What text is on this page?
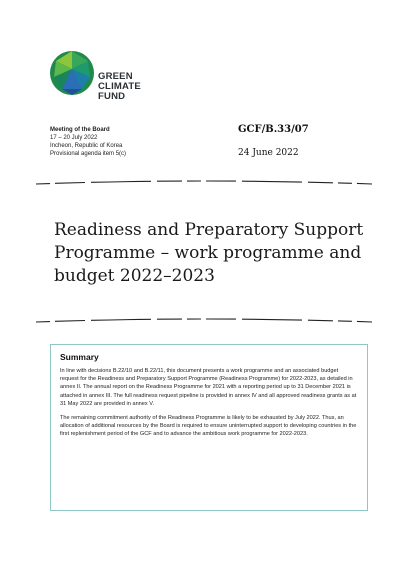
GREEN
CLIMATE
FUND
Meeting of the Board
17 – 20 July 2022
Incheon, Republic of Korea
Provisional agenda item 5(c)
GCF/B.33/07
24 June 2022
Readiness and Preparatory Support Programme – work programme and budget 2022–2023
Summary

In line with decisions B.22/10 and B.22/11, this document presents a work programme and an associated budget request for the Readiness and Preparatory Support Programme (Readiness Programme) for 2022-2023, as detailed in annex II. The annual report on the Readiness Programme for 2021 with a reporting period up to 31 December 2021 is attached in annex III. The full readiness request pipeline is provided in annex IV and all approved readiness grants as at 31 May 2022 are provided in annex V.

The remaining commitment authority of the Readiness Programme is likely to be exhausted by July 2022. Thus, an allocation of additional resources by the Board is required to ensure uninterrupted support to developing countries in the first replenishment period of the GCF and to advance the ambitious work programme for 2022-2023.
